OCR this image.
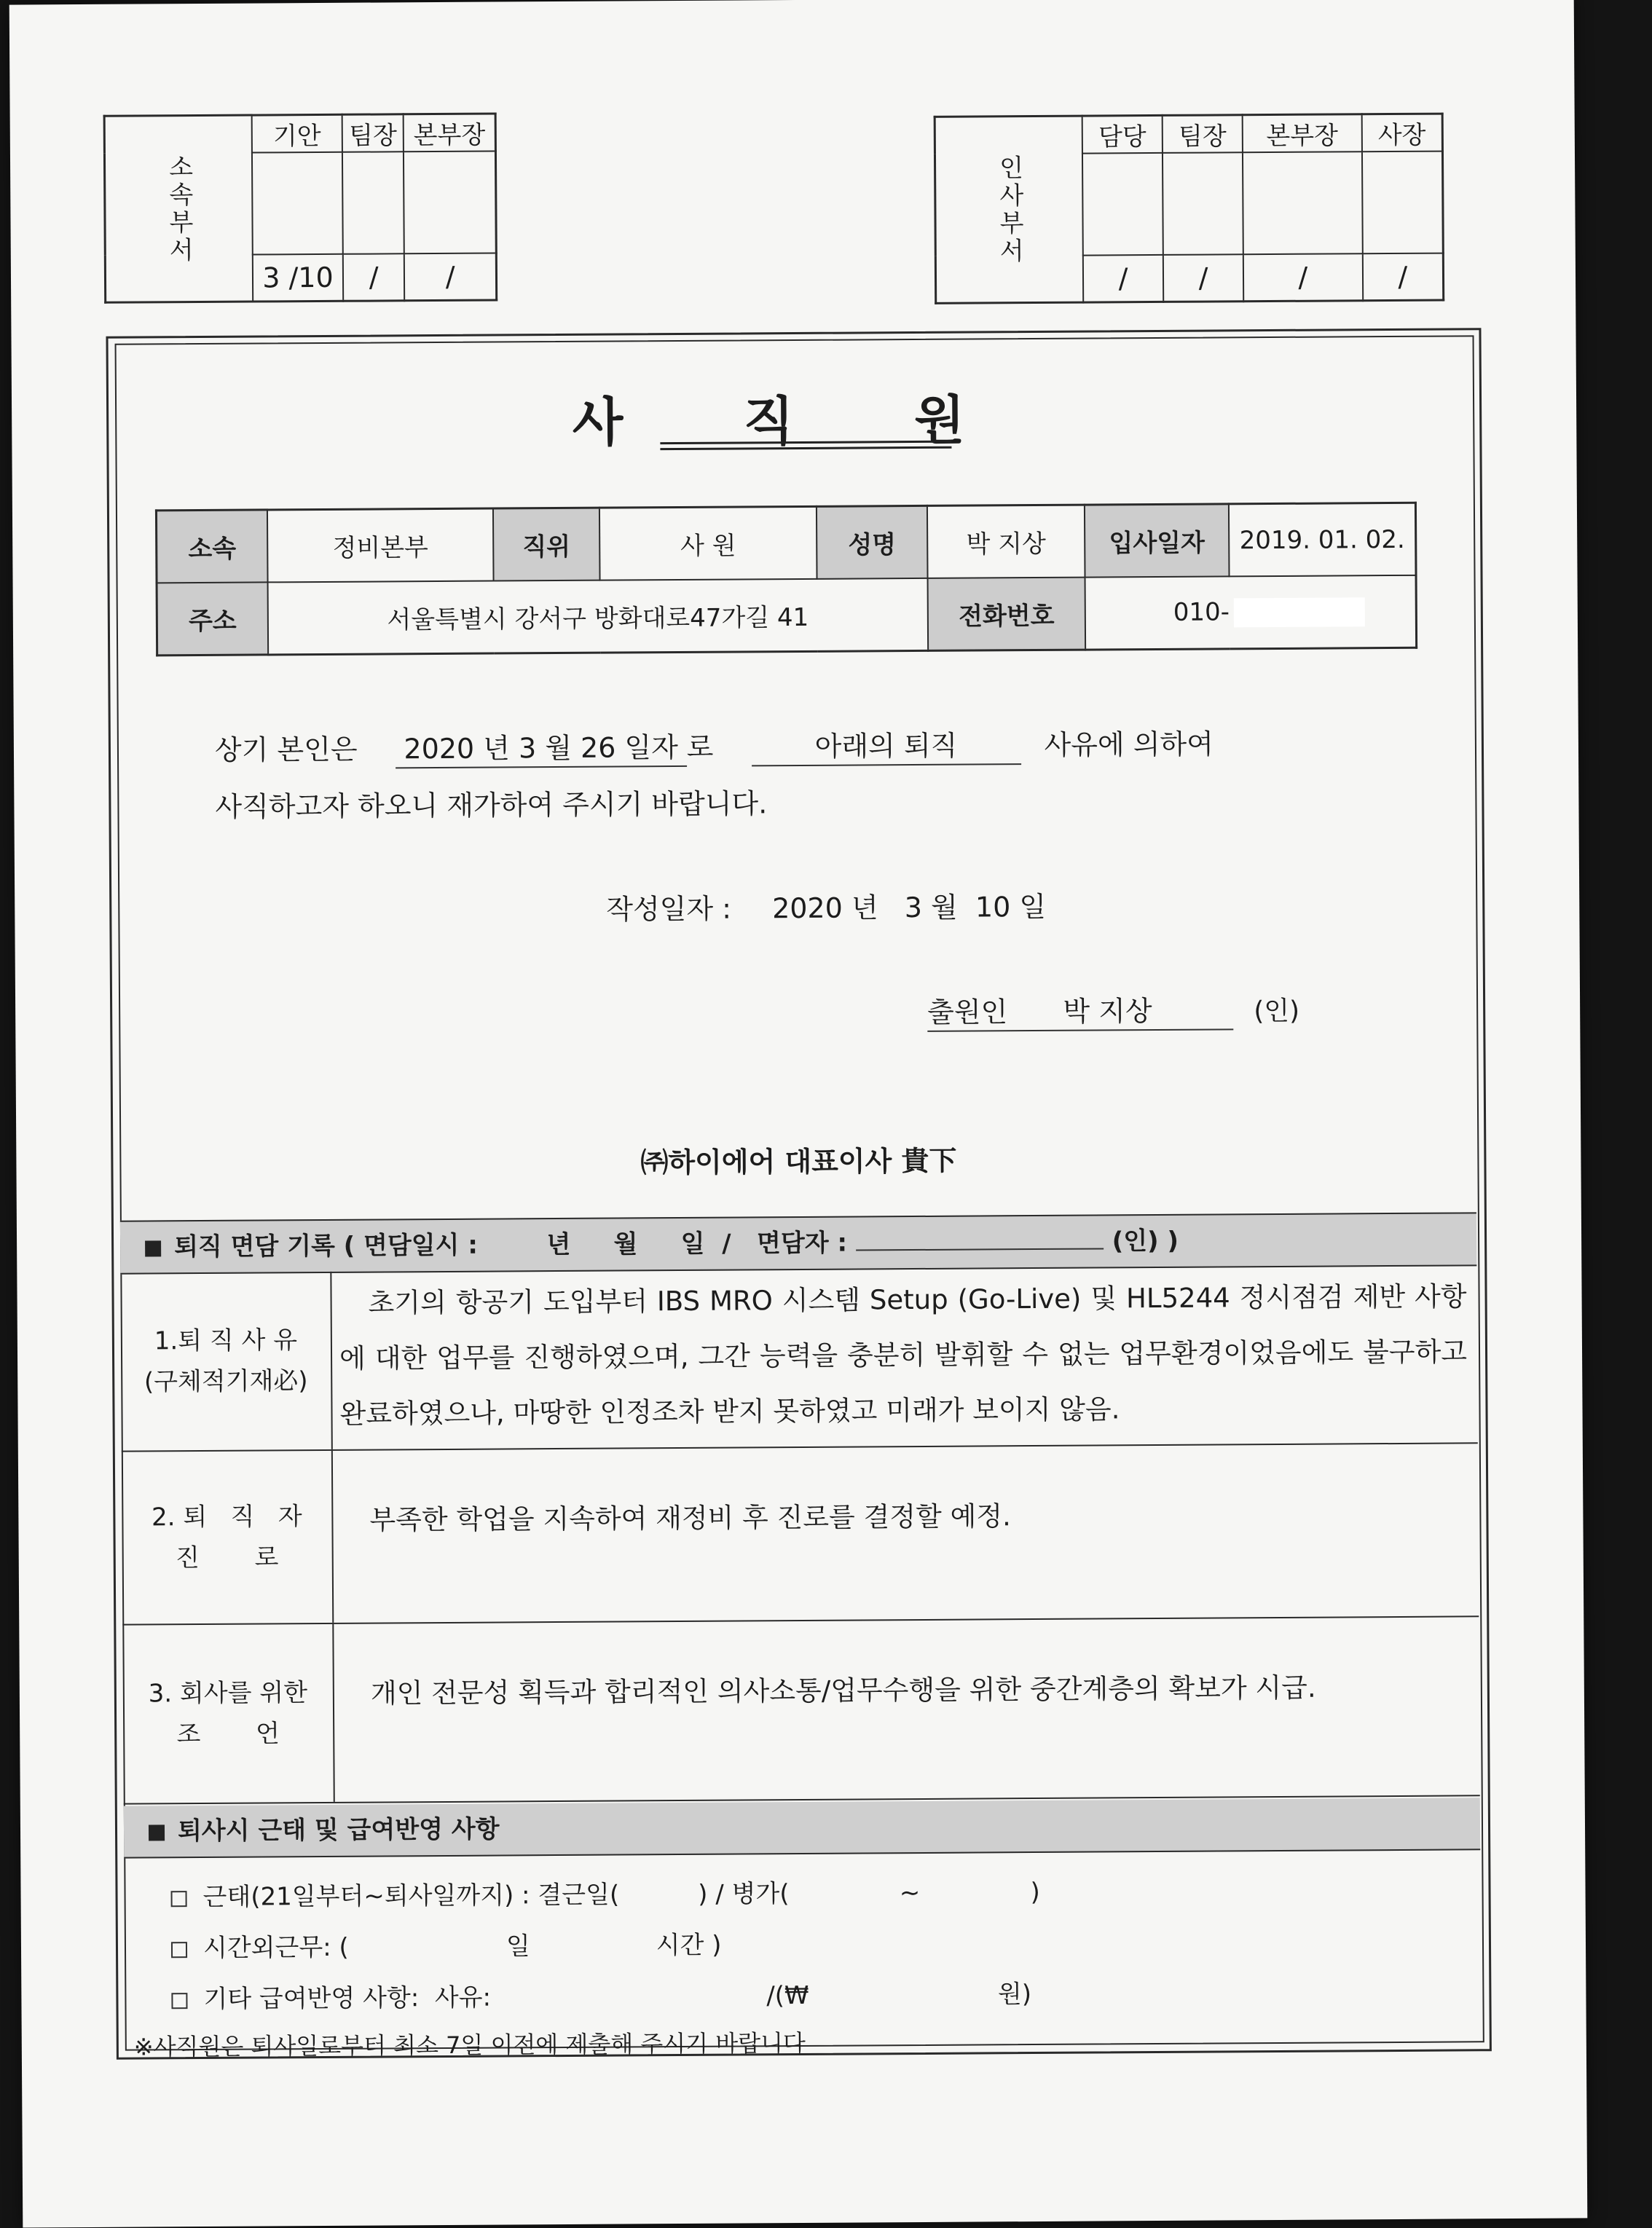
소속부서	기안	팀장	본부장

	3 /10	/	/
인사부서	담당	팀장	본부장	사장

	/	/	/	/
사 직 원
소속	정비본부	직위	사 원	성명	박 지상	입사일자	2019. 01. 02.
주소	서울특별시 강서구 방화대로47가길 41				전화번호	010-	
상기 본인은 2020 년 3 월 26 일자 로	아래의 퇴직	사유에 의하여
사직하고자 하오니 재가하여 주시기 바랍니다.
작성일자 : 2020 년   3 월  10 일
출원인 박 지상	(인)
㈜하이에어 대표이사 貴下
퇴직 면담 기록 ( 면담일시 :        년     월     일  /   면담자 :	(인) )
1.퇴 직 사 유
(구체적기재必)
초기의 항공기 도입부터 IBS MRO 시스템 Setup (Go-Live) 및 HL5244 정시점검 제반 사항에 대한 업무를 진행하였으며, 그간 능력을 충분히 발휘할 수 없는 업무환경이었음에도 불구하고 완료하였으나, 마땅한 인정조차 받지 못하였고 미래가 보이지 않음.
2. 퇴   직   자
진       로
부족한 학업을 지속하여 재정비 후 진로를 결정할 예정.
3. 회사를 위한
조       언
개인 전문성 획득과 합리적인 의사소통/업무수행을 위한 중간계층의 확보가 시급.
퇴사시 근태 및 급여반영 사항
근태(21일부터~퇴사일까지) : 결근일(          ) / 병가(              ~              )
시간외근무: (                    일                시간 )
기타 급여반영 사항:  사유:                                   /(₩                        원)
※사직원은 퇴사일로부터 최소 7일 이전에 제출해 주시기 바랍니다
